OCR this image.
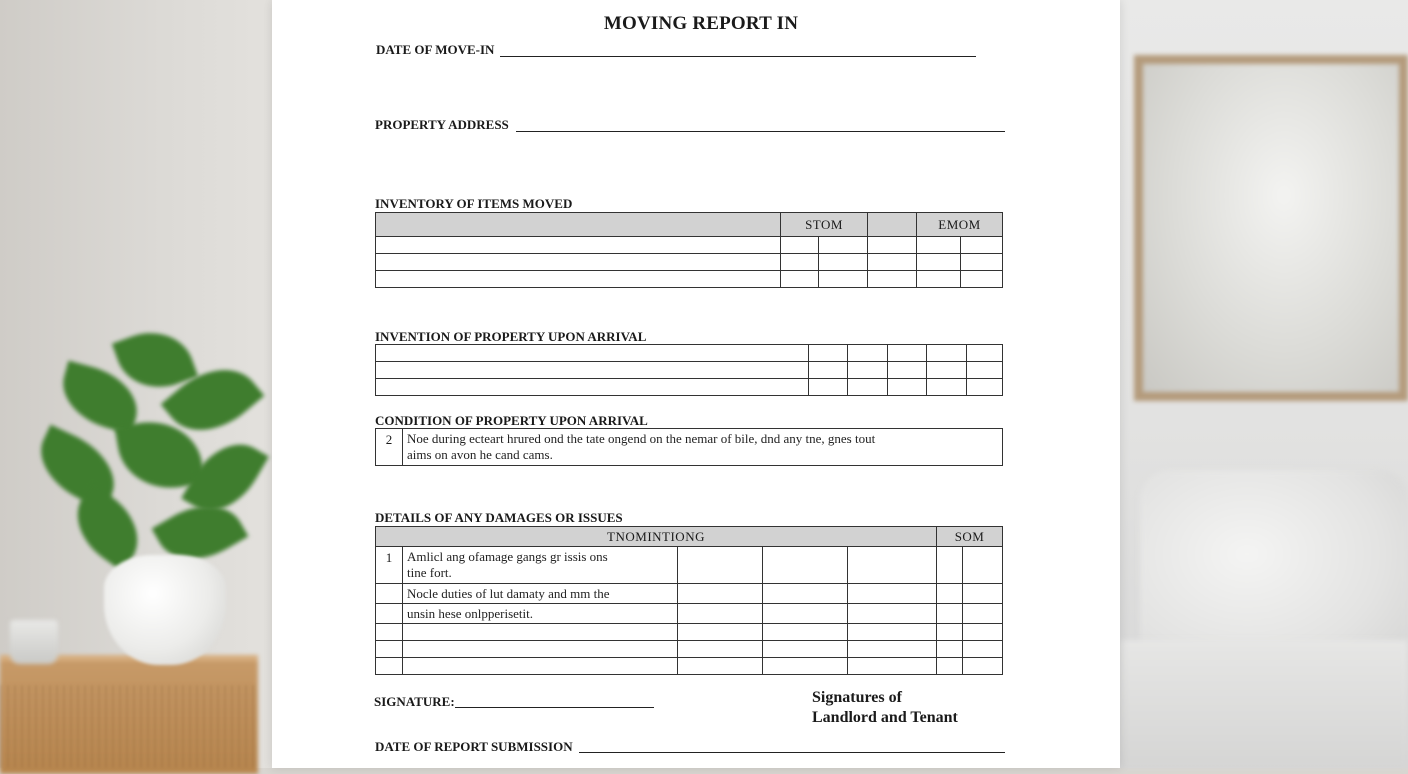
MOVING REPORT IN
DATE OF MOVE-IN
PROPERTY ADDRESS
INVENTORY OF ITEMS MOVED
	STOM			EMOM	

INVENTION OF PROPERTY UPON ARRIVAL

CONDITION OF PROPERTY UPON ARRIVAL
2	Noe during ecteart hrured ond the tate ongend on the nemar of bile, dnd any tne, gnes tout
aims on avon he cand cams.
DETAILS OF ANY DAMAGES OR ISSUES
TNOMINTIONG					SOM	
1	Amlicl ang ofamage gangs gr issis ons
tine fort.					

	Nocle duties of lut damaty and mm the					
	unsin hese onlpperisetit.					

SIGNATURE:	Signatures of
Landlord and Tenant
DATE OF REPORT SUBMISSION
